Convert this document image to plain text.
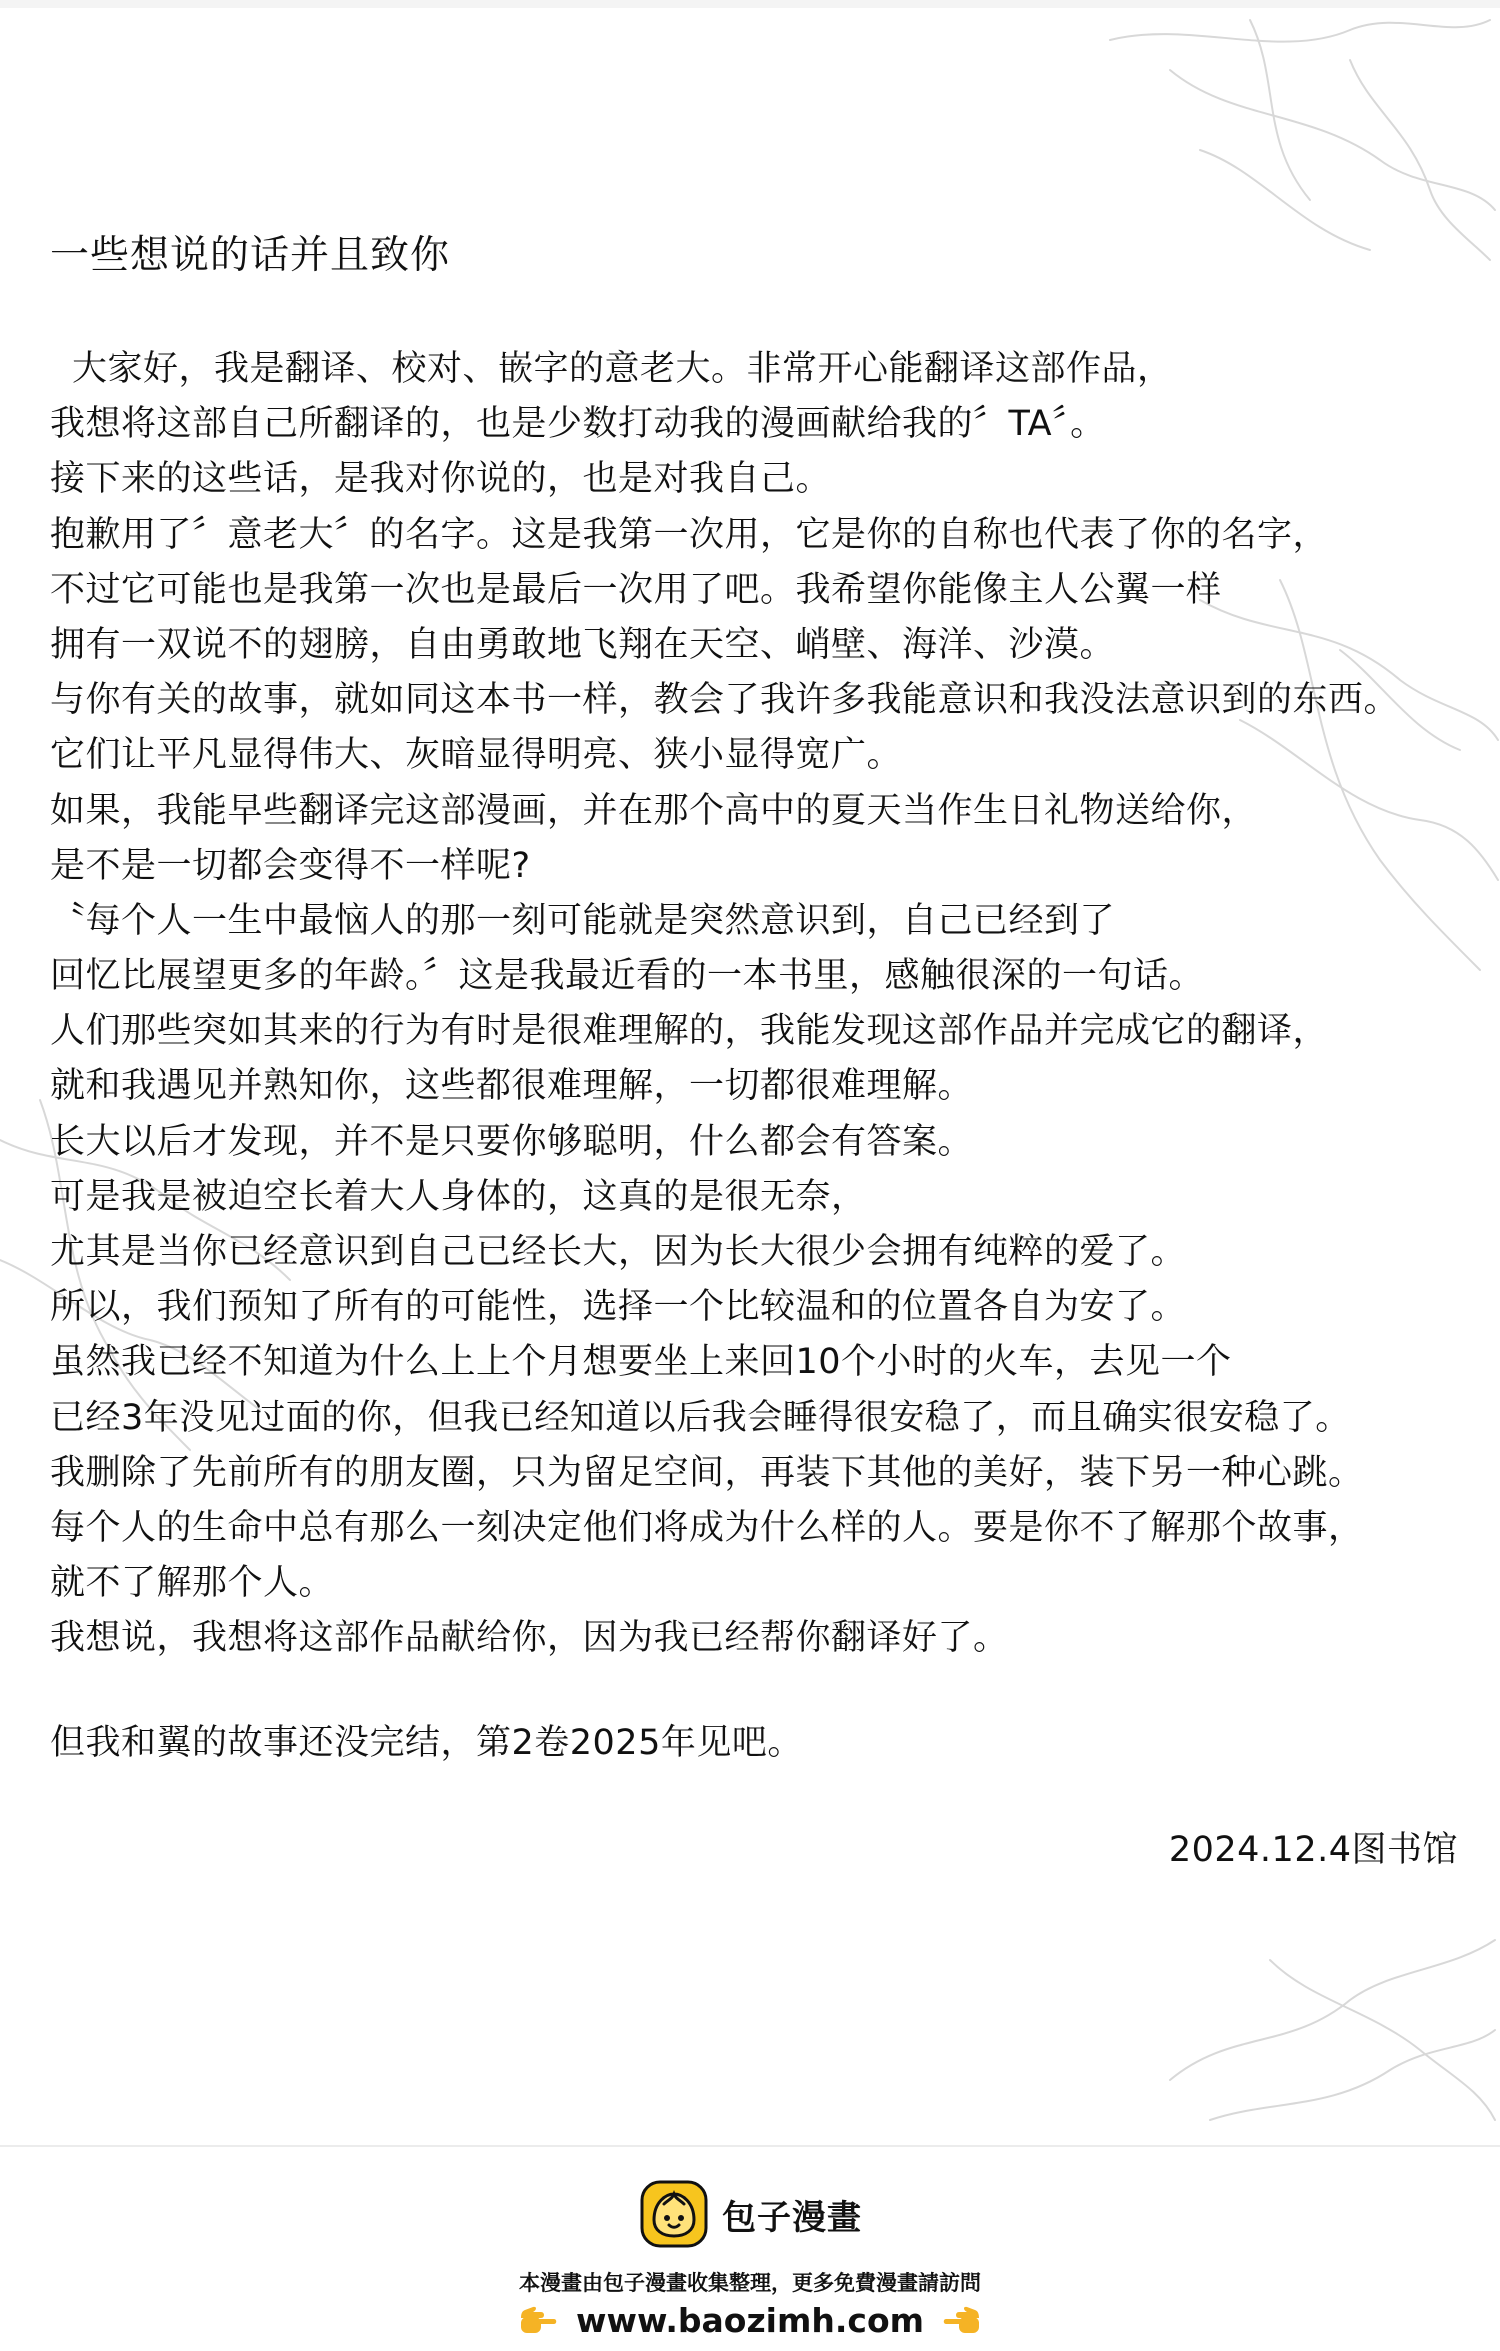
一些想说的话并且致你
大家好，我是翻译、校对、嵌字的意老大。非常开心能翻译这部作品，
我想将这部自己所翻译的，也是少数打动我的漫画献给我的〞TA〞。
接下来的这些话，是我对你说的，也是对我自己。
抱歉用了〞意老大〞的名字。这是我第一次用，它是你的自称也代表了你的名字，
不过它可能也是我第一次也是最后一次用了吧。我希望你能像主人公翼一样
拥有一双说不的翅膀，自由勇敢地飞翔在天空、峭壁、海洋、沙漠。
与你有关的故事，就如同这本书一样，教会了我许多我能意识和我没法意识到的东西。
它们让平凡显得伟大、灰暗显得明亮、狭小显得宽广。
如果，我能早些翻译完这部漫画，并在那个高中的夏天当作生日礼物送给你，
是不是一切都会变得不一样呢?
〝每个人一生中最恼人的那一刻可能就是突然意识到，自己已经到了
回忆比展望更多的年龄。〞这是我最近看的一本书里，感触很深的一句话。
人们那些突如其来的行为有时是很难理解的，我能发现这部作品并完成它的翻译，
就和我遇见并熟知你，这些都很难理解，一切都很难理解。
长大以后才发现，并不是只要你够聪明，什么都会有答案。
可是我是被迫空长着大人身体的，这真的是很无奈，
尤其是当你已经意识到自己已经长大，因为长大很少会拥有纯粹的爱了。
所以，我们预知了所有的可能性，选择一个比较温和的位置各自为安了。
虽然我已经不知道为什么上上个月想要坐上来回10个小时的火车，去见一个
已经3年没见过面的你，但我已经知道以后我会睡得很安稳了，而且确实很安稳了。
我删除了先前所有的朋友圈，只为留足空间，再装下其他的美好，装下另一种心跳。
每个人的生命中总有那么一刻决定他们将成为什么样的人。要是你不了解那个故事，
就不了解那个人。
我想说，我想将这部作品献给你，因为我已经帮你翻译好了。
但我和翼的故事还没完结，第2卷2025年见吧。
2024.12.4图书馆
包子漫畫
本漫畫由包子漫畫收集整理，更多免費漫畫請訪問
www.baozimh.com
